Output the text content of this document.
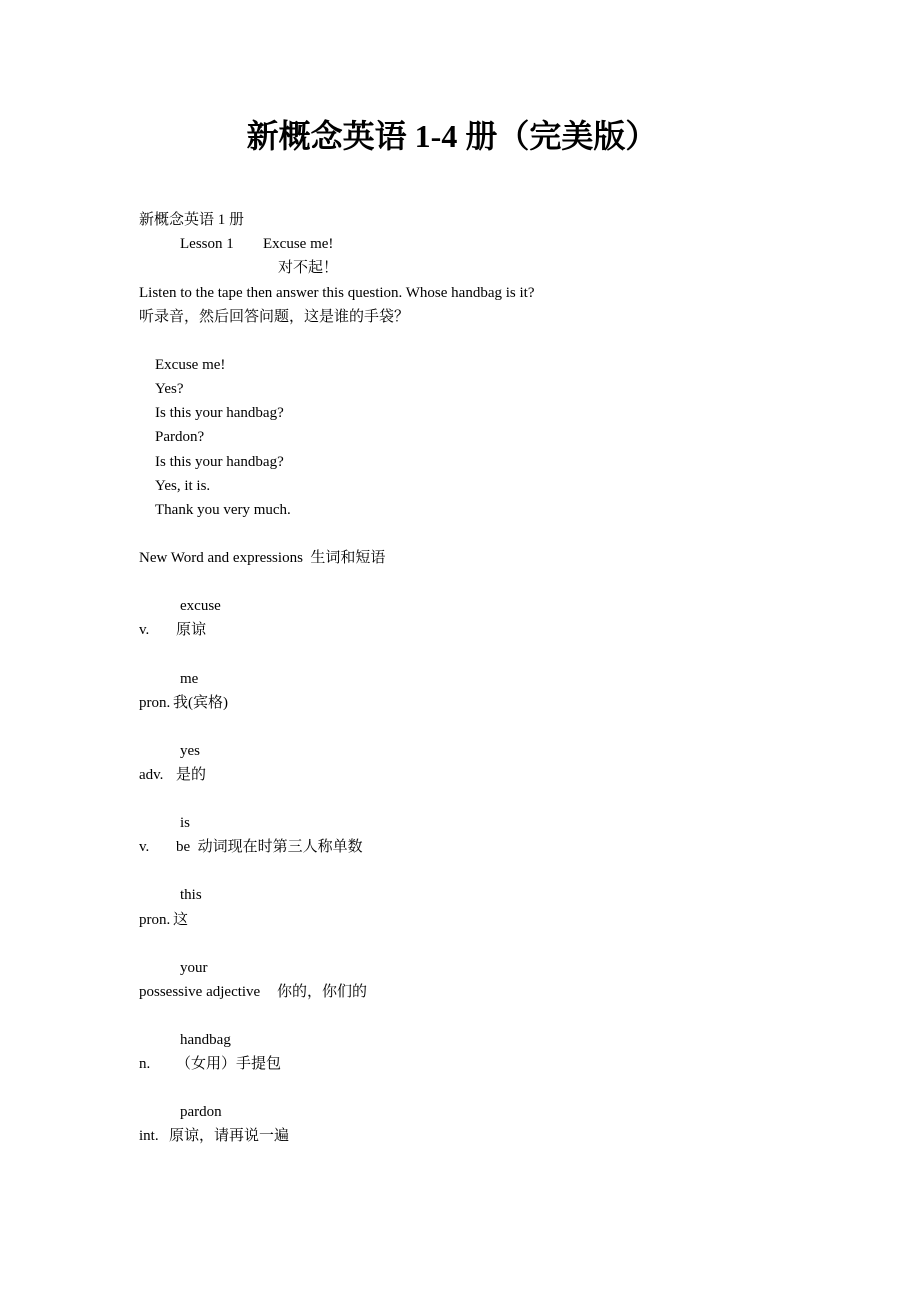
新概念英语 1-4 册（完美版）
新概念英语 1 册
Lesson 1 Excuse me!
对不起！
Listen to the tape then answer this question. Whose handbag is it?
听录音，然后回答问题，这是谁的手袋？
Excuse me!
Yes?
Is this your handbag?
Pardon?
Is this your handbag?
Yes, it is.
Thank you very much.
New Word and expressions  生词和短语
excuse
v. 原谅
me
pron. 我(宾格)
yes
adv. 是的
is
v. be  动词现在时第三人称单数
this
pron. 这
your
possessive adjective 你的，你们的
handbag
n. （女用）手提包
pardon
int. 原谅，请再说一遍
